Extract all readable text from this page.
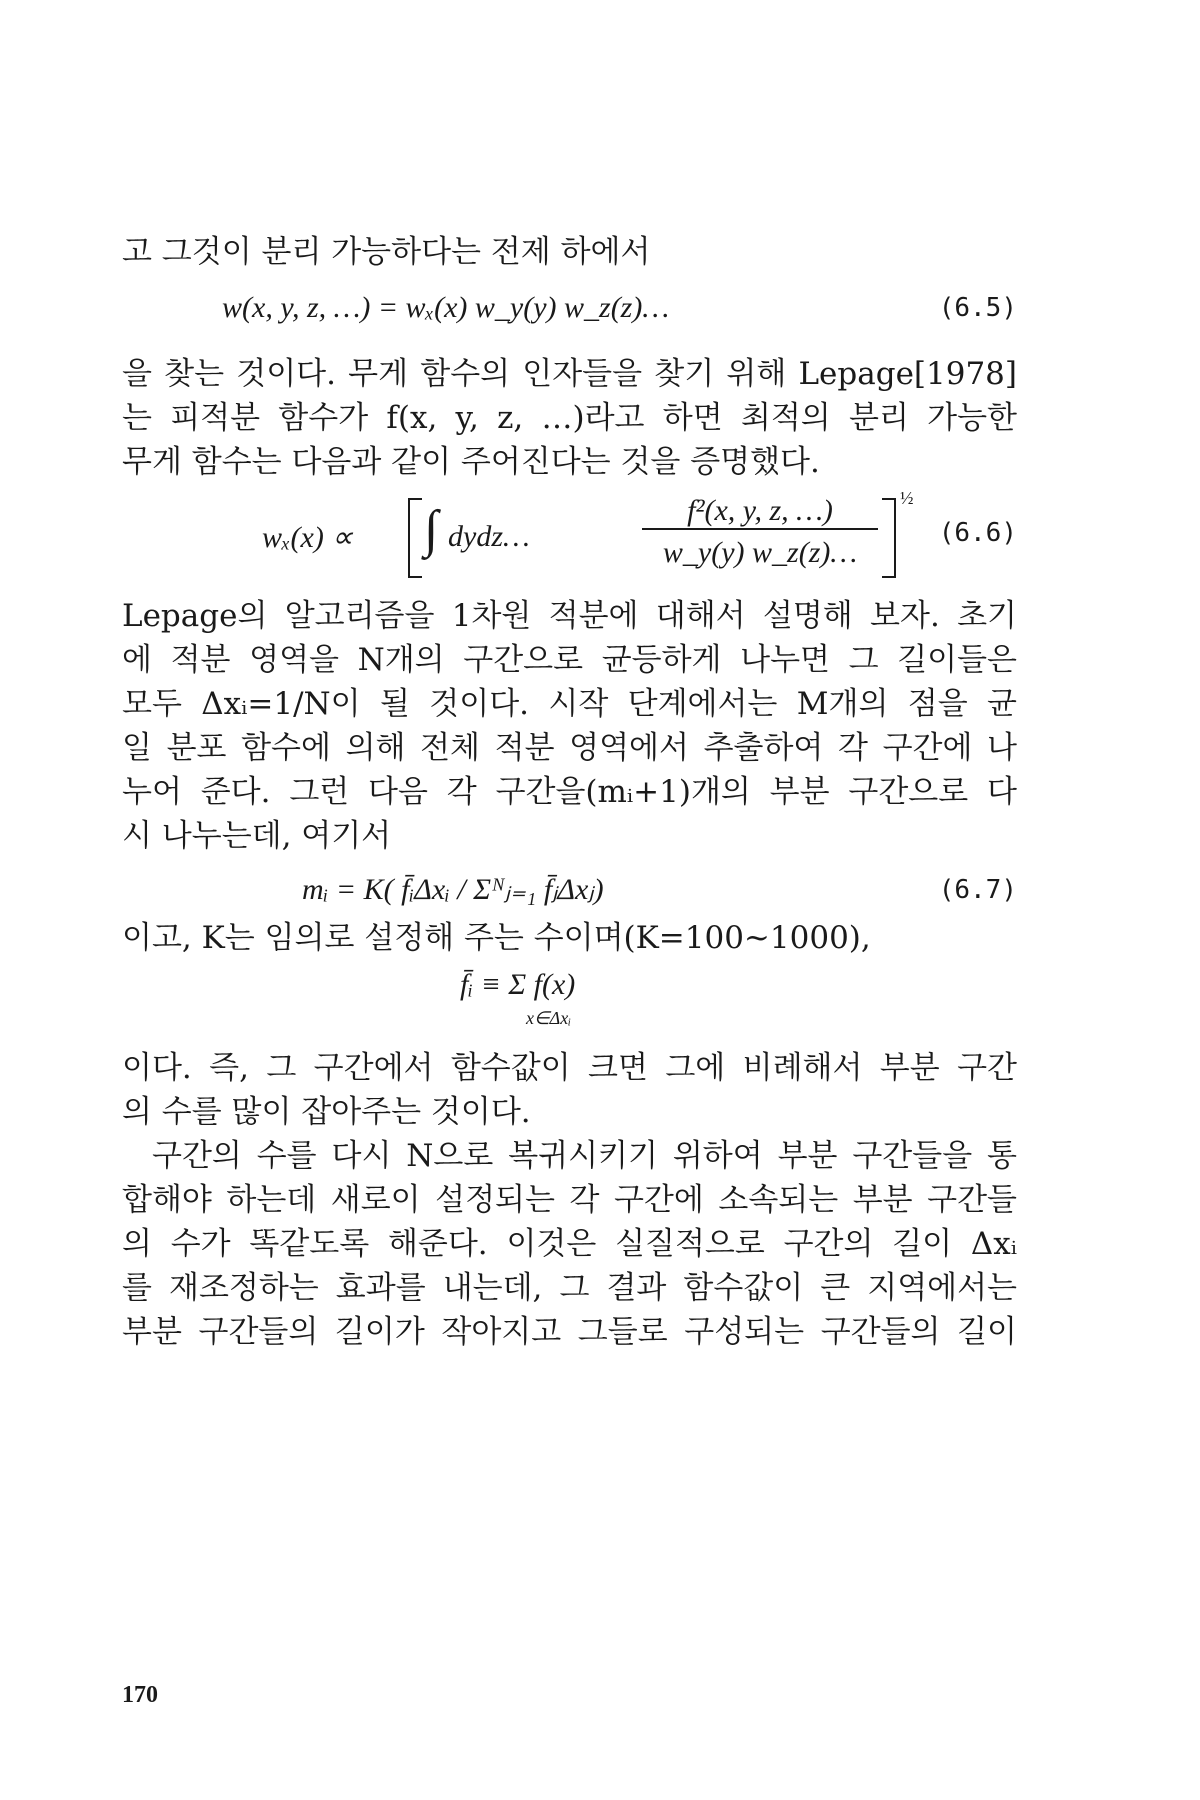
고 그것이 분리 가능하다는 전제 하에서
w(x, y, z, …) = wₓ(x) w_y(y) w_z(z)…	(6.5)
을 찾는 것이다. 무게 함수의 인자들을 찾기 위해 Lepage[1978]
는 피적분 함수가 f(x, y, z, …)라고 하면 최적의 분리 가능한
무게 함수는 다음과 같이 주어진다는 것을 증명했다.
wₓ(x) ∝ ∫ dydz…
f²(x, y, z, …)
w_y(y) w_z(z)…
½
(6.6)
Lepage의 알고리즘을 1차원 적분에 대해서 설명해 보자. 초기
에 적분 영역을 N개의 구간으로 균등하게 나누면 그 길이들은
모두 Δxᵢ=1/N이 될 것이다. 시작 단계에서는 M개의 점을 균
일 분포 함수에 의해 전체 적분 영역에서 추출하여 각 구간에 나
누어 준다. 그런 다음 각 구간을(mᵢ+1)개의 부분 구간으로 다
시 나누는데, 여기서
mᵢ = K( f̄ᵢΔxᵢ / Σᴺⱼ₌₁ f̄ⱼΔxⱼ)	(6.7)
이고, K는 임의로 설정해 주는 수이며(K=100~1000),
f̄ᵢ ≡ Σ f(x)
x∈Δxᵢ
이다. 즉, 그 구간에서 함수값이 크면 그에 비례해서 부분 구간
의 수를 많이 잡아주는 것이다.
구간의 수를 다시 N으로 복귀시키기 위하여 부분 구간들을 통
합해야 하는데 새로이 설정되는 각 구간에 소속되는 부분 구간들
의 수가 똑같도록 해준다. 이것은 실질적으로 구간의 길이 Δxᵢ
를 재조정하는 효과를 내는데, 그 결과 함수값이 큰 지역에서는
부분 구간들의 길이가 작아지고 그들로 구성되는 구간들의 길이
170
